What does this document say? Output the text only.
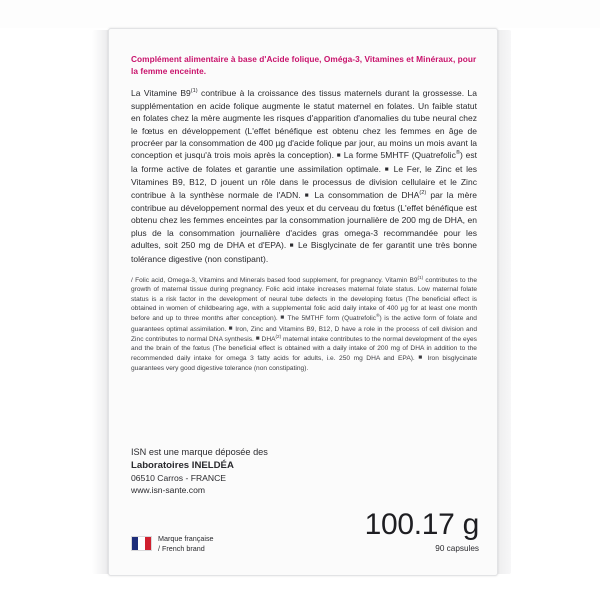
Complément alimentaire à base d'Acide folique, Oméga-3, Vitamines et Minéraux, pour la femme enceinte.
La Vitamine B9$^{(1)}$ contribue à la croissance des tissus maternels durant la grossesse. La supplémentation en acide folique augmente le statut maternel en folates. Un faible statut en folates chez la mère augmente les risques d'apparition d'anomalies du tube neural chez le fœtus en développement (L'effet bénéfique est obtenu chez les femmes en âge de procréer par la consommation de 400 µg d'acide folique par jour, au moins un mois avant la conception et jusqu'à trois mois après la conception). ■ La forme 5MHTF (Quatrefolic®) est la forme active de folates et garantie une assimilation optimale. ■ Le Fer, le Zinc et les Vitamines B9, B12, D jouent un rôle dans le processus de division cellulaire et le Zinc contribue à la synthèse normale de l'ADN. ■ La consommation de DHA$^{(2)}$ par la mère contribue au développement normal des yeux et du cerveau du fœtus (L'effet bénéfique est obtenu chez les femmes enceintes par la consommation journalière de 200 mg de DHA, en plus de la consommation journalière d'acides gras omega-3 recommandée pour les adultes, soit 250 mg de DHA et d'EPA). ■ Le Bisglycinate de fer garantit une très bonne tolérance digestive (non constipant).
/ Folic acid, Omega-3, Vitamins and Minerals based food supplement, for pregnancy. Vitamin B9$^{(1)}$ contributes to the growth of maternal tissue during pregnancy. Folic acid intake increases maternal folate status. Low maternal folate status is a risk factor in the development of neural tube defects in the developing fœtus (The beneficial effect is obtained in women of childbearing age, with a supplemental folic acid daily intake of 400 µg for at least one month before and up to three months after conception). ■ The 5MTHF form (Quatrefolic®) is the active form of folate and guarantees optimal assimilation. ■ Iron, Zinc and Vitamins B9, B12, D have a role in the process of cell division and Zinc contributes to normal DNA synthesis. ■ DHA$^{(2)}$ maternal intake contributes to the normal development of the eyes and the brain of the fœtus (The beneficial effect is obtained with a daily intake of 200 mg of DHA in addition to the recommended daily intake for omega 3 fatty acids for adults, i.e. 250 mg DHA and EPA). ■ Iron bisglycinate guarantees very good digestive tolerance (non constipating).
ISN est une marque déposée des
Laboratoires INELDÉA
06510 Carros - FRANCE
www.isn-sante.com
Marque française
/ French brand
100.17 g
90 capsules
